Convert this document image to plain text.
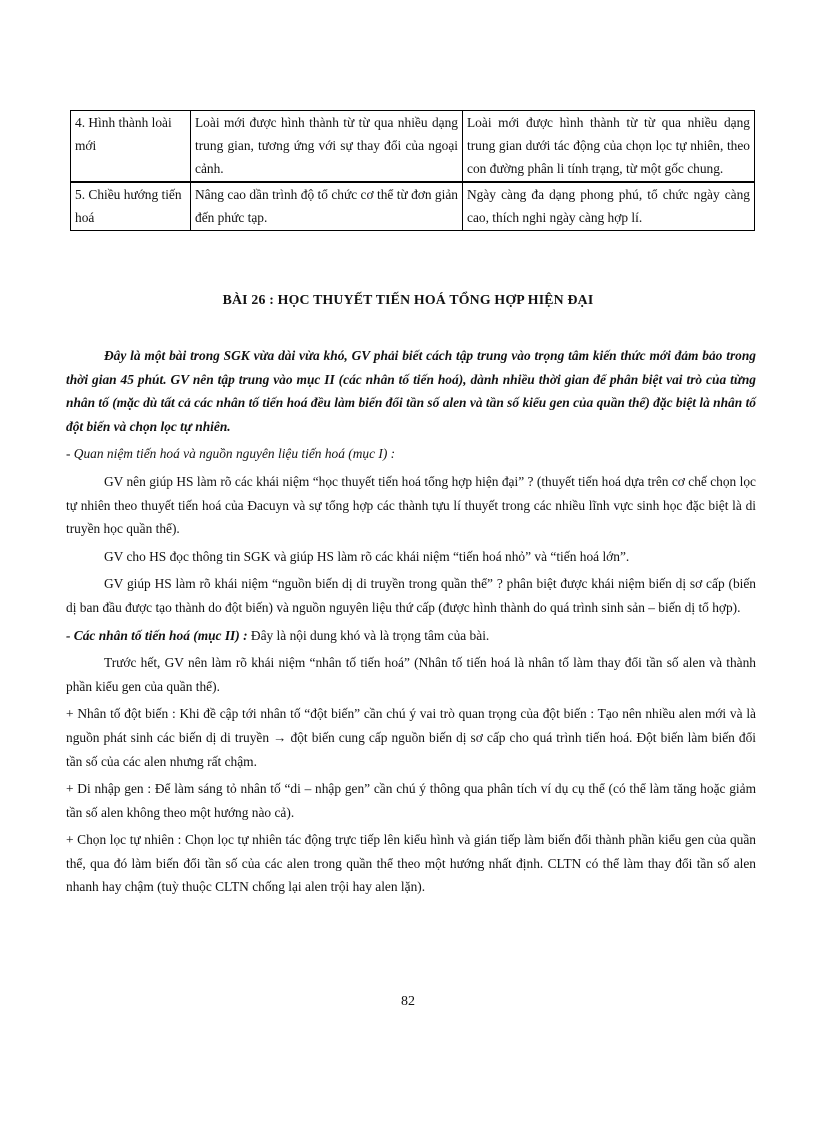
4. Hình thành loài mới	Loài mới được hình thành từ từ qua nhiều dạng trung gian, tương ứng với sự thay đổi của ngoại cảnh.	Loài mới được hình thành từ từ qua nhiều dạng trung gian dưới tác động của chọn lọc tự nhiên, theo con đường phân li tính trạng, từ một gốc chung.
5. Chiều hướng tiến hoá	Nâng cao dần trình độ tổ chức cơ thể từ đơn giản đến phức tạp.	Ngày càng đa dạng phong phú, tổ chức ngày càng cao, thích nghi ngày càng hợp lí.
BÀI 26 : HỌC THUYẾT TIẾN HOÁ TỔNG HỢP HIỆN ĐẠI

Đây là một bài trong SGK vừa dài vừa khó, GV phải biết cách tập trung vào trọng tâm kiến thức mới đảm bảo trong thời gian 45 phút. GV nên tập trung vào mục II (các nhân tố tiến hoá), dành nhiều thời gian để phân biệt vai trò của từng nhân tố (mặc dù tất cả các nhân tố tiến hoá đều làm biến đổi tần số alen và tần số kiểu gen của quần thể) đặc biệt là nhân tố đột biến và chọn lọc tự nhiên.

- Quan niệm tiến hoá và nguồn nguyên liệu tiến hoá (mục I) :

GV nên giúp HS làm rõ các khái niệm “học thuyết tiến hoá tổng hợp hiện đại” ? (thuyết tiến hoá dựa trên cơ chế chọn lọc tự nhiên theo thuyết tiến hoá của Đacuyn và sự tổng hợp các thành tựu lí thuyết trong các nhiều lĩnh vực sinh học đặc biệt là di truyền học quần thể).

GV cho HS đọc thông tin SGK và giúp HS làm rõ các khái niệm “tiến hoá nhỏ” và “tiến hoá lớn”.

GV giúp HS làm rõ khái niệm “nguồn biến dị di truyền trong quần thể” ? phân biệt được khái niệm biến dị sơ cấp (biến dị ban đầu được tạo thành do đột biến) và nguồn nguyên liệu thứ cấp (được hình thành do quá trình sinh sản – biến dị tổ hợp).

- Các nhân tố tiến hoá (mục II) : Đây là nội dung khó và là trọng tâm của bài.

Trước hết, GV nên làm rõ khái niệm “nhân tố tiến hoá” (Nhân tố tiến hoá là nhân tố làm thay đổi tần số alen và thành phần kiểu gen của quần thể).

+ Nhân tố đột biến : Khi đề cập tới nhân tố “đột biến” cần chú ý vai trò quan trọng của đột biến : Tạo nên nhiều alen mới và là nguồn phát sinh các biến dị di truyền → đột biến cung cấp nguồn biến dị sơ cấp cho quá trình tiến hoá. Đột biến làm biến đổi tần số của các alen nhưng rất chậm.

+ Di nhập gen : Để làm sáng tỏ nhân tố “di – nhập gen” cần chú ý thông qua phân tích ví dụ cụ thể (có thể làm tăng hoặc giảm tần số alen không theo một hướng nào cả).

+ Chọn lọc tự nhiên : Chọn lọc tự nhiên tác động trực tiếp lên kiểu hình và gián tiếp làm biến đổi thành phần kiểu gen của quần thể, qua đó làm biến đổi tần số của các alen trong quần thể theo một hướng nhất định. CLTN có thể làm thay đổi tần số alen nhanh hay chậm (tuỳ thuộc CLTN chống lại alen trội hay alen lặn).

82
